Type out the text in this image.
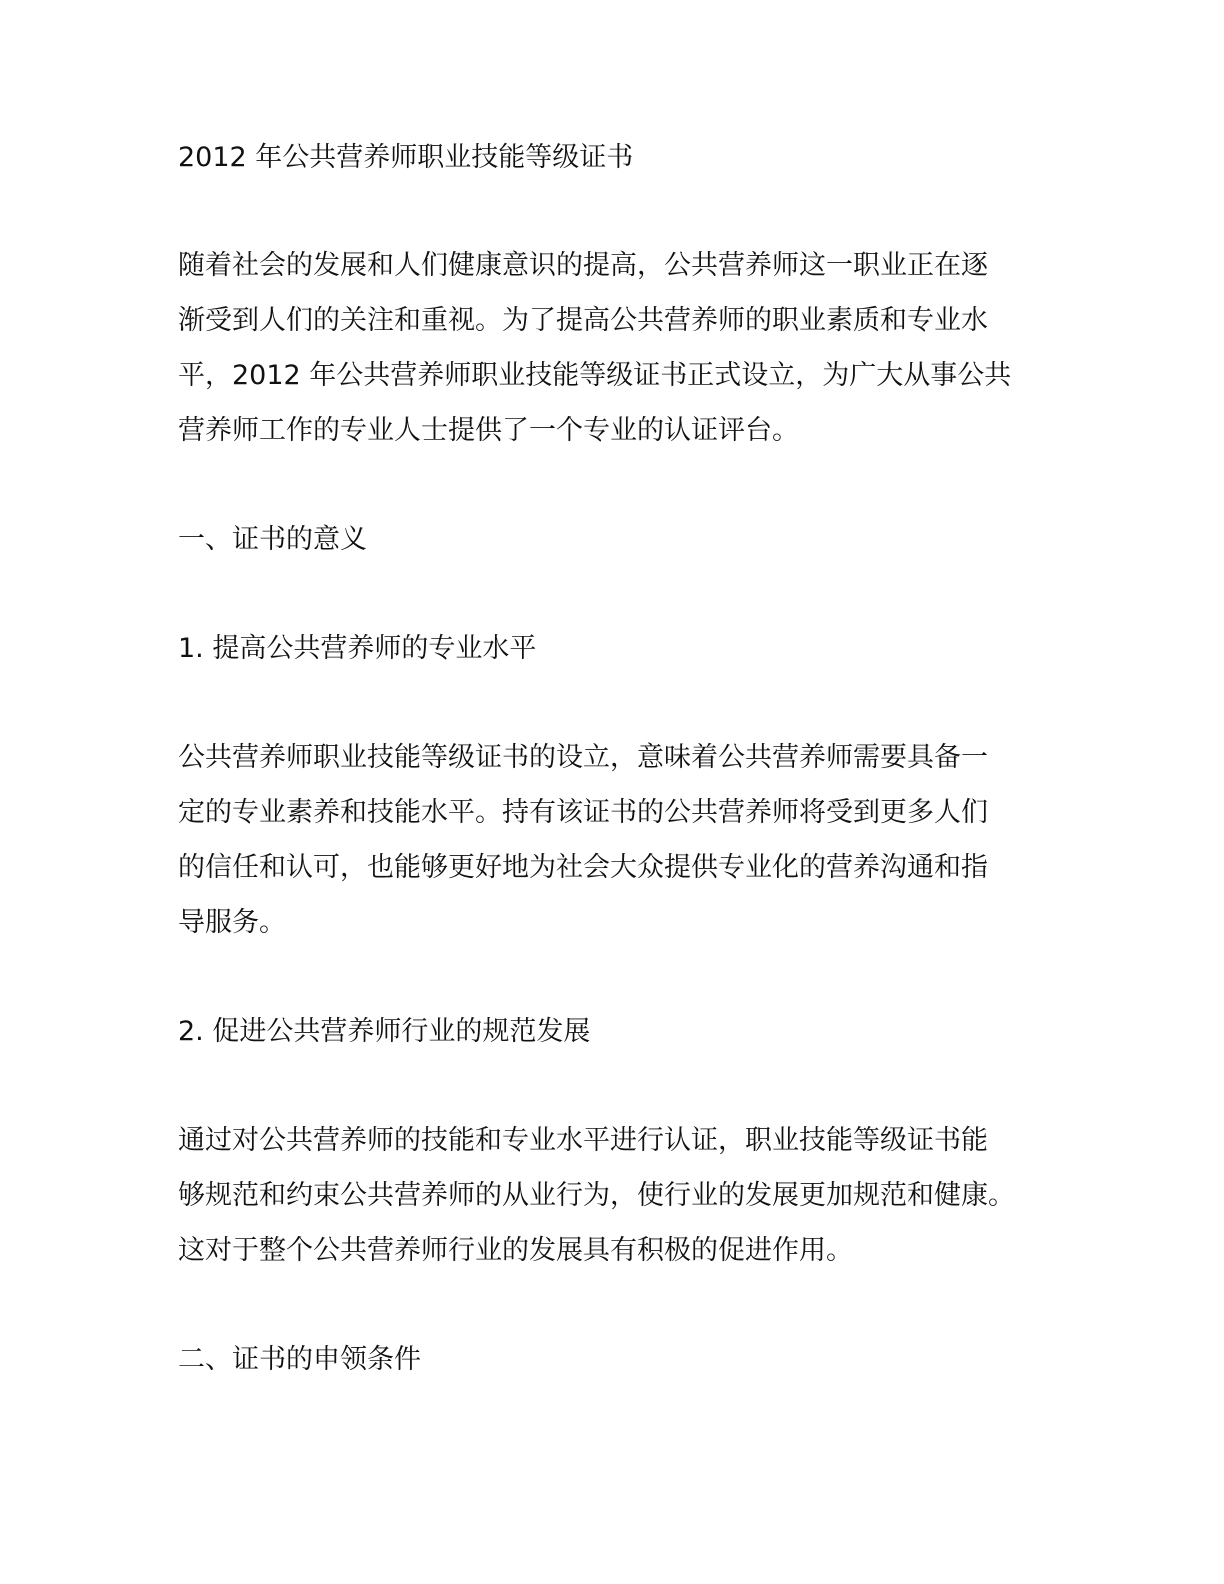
2012 年公共营养师职业技能等级证书
随着社会的发展和人们健康意识的提高，公共营养师这一职业正在逐
渐受到人们的关注和重视。为了提高公共营养师的职业素质和专业水
平，2012 年公共营养师职业技能等级证书正式设立，为广大从事公共
营养师工作的专业人士提供了一个专业的认证评台。
一、证书的意义
1. 提高公共营养师的专业水平
公共营养师职业技能等级证书的设立，意味着公共营养师需要具备一
定的专业素养和技能水平。持有该证书的公共营养师将受到更多人们
的信任和认可，也能够更好地为社会大众提供专业化的营养沟通和指
导服务。
2. 促进公共营养师行业的规范发展
通过对公共营养师的技能和专业水平进行认证，职业技能等级证书能
够规范和约束公共营养师的从业行为，使行业的发展更加规范和健康。
这对于整个公共营养师行业的发展具有积极的促进作用。
二、证书的申领条件
